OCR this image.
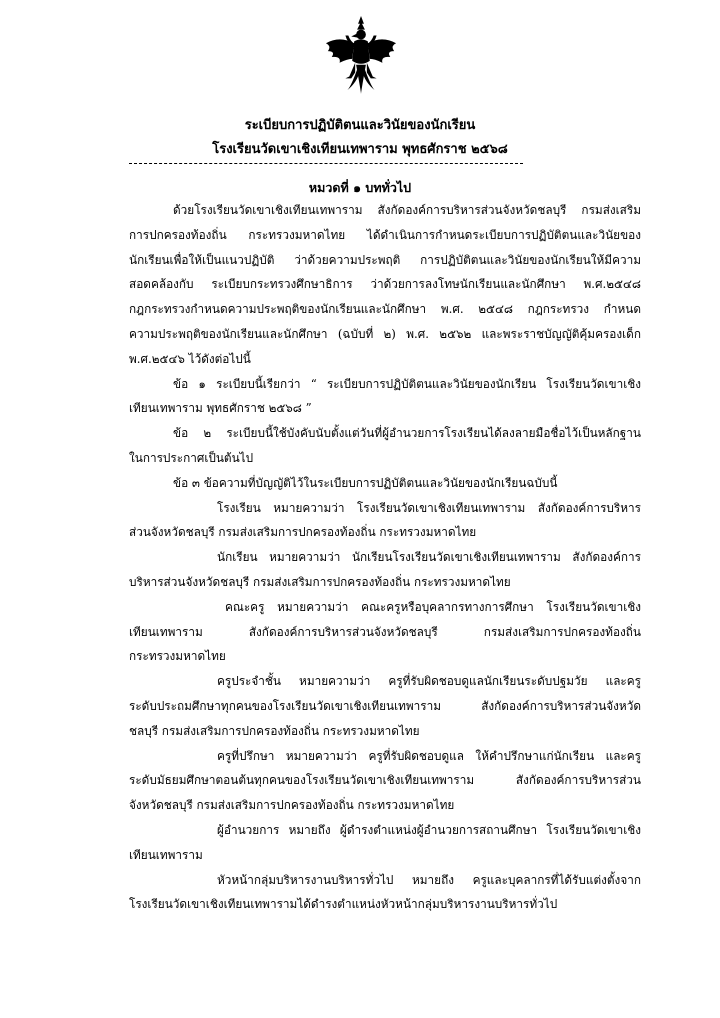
ระเบียบการปฏิบัติตนและวินัยของนักเรียน
โรงเรียนวัดเขาเชิงเทียนเทพาราม พุทธศักราช ๒๕๖๘
หมวดที่ ๑ บททั่วไป
ด้วยโรงเรียนวัดเขาเชิงเทียนเทพาราม สังกัดองค์การบริหารส่วนจังหวัดชลบุรี กรมส่งเสริม
การปกครองท้องถิ่น กระทรวงมหาดไทย ได้ดำเนินการกำหนดระเบียบการปฏิบัติตนและวินัยของ
นักเรียนเพื่อให้เป็นแนวปฏิบัติ ว่าด้วยความประพฤติ การปฏิบัติตนและวินัยของนักเรียนให้มีความ
สอดคล้องกับ ระเบียบกระทรวงศึกษาธิการ ว่าด้วยการลงโทษนักเรียนและนักศึกษา พ.ศ.๒๕๔๘
กฎกระทรวงกำหนดความประพฤติของนักเรียนและนักศึกษา พ.ศ. ๒๕๔๘ กฎกระทรวง กำหนด
ความประพฤติของนักเรียนและนักศึกษา (ฉบับที่ ๒) พ.ศ. ๒๕๖๒ และพระราชบัญญัติคุ้มครองเด็ก
พ.ศ.๒๕๔๖ ไว้ดังต่อไปนี้
ข้อ ๑ ระเบียบนี้เรียกว่า “ ระเบียบการปฏิบัติตนและวินัยของนักเรียน โรงเรียนวัดเขาเชิง
เทียนเทพาราม พุทธศักราช ๒๕๖๘ ”
ข้อ ๒ ระเบียบนี้ใช้บังคับนับตั้งแต่วันที่ผู้อำนวยการโรงเรียนได้ลงลายมือชื่อไว้เป็นหลักฐาน
ในการประกาศเป็นต้นไป
ข้อ ๓ ข้อความที่บัญญัติไว้ในระเบียบการปฏิบัติตนและวินัยของนักเรียนฉบับนี้
โรงเรียน หมายความว่า โรงเรียนวัดเขาเชิงเทียนเทพาราม สังกัดองค์การบริหาร
ส่วนจังหวัดชลบุรี กรมส่งเสริมการปกครองท้องถิ่น กระทรวงมหาดไทย
นักเรียน หมายความว่า นักเรียนโรงเรียนวัดเขาเชิงเทียนเทพาราม สังกัดองค์การ
บริหารส่วนจังหวัดชลบุรี กรมส่งเสริมการปกครองท้องถิ่น กระทรวงมหาดไทย
คณะครู หมายความว่า คณะครูหรือบุคลากรทางการศึกษา โรงเรียนวัดเขาเชิง
เทียนเทพาราม สังกัดองค์การบริหารส่วนจังหวัดชลบุรี กรมส่งเสริมการปกครองท้องถิ่น
กระทรวงมหาดไทย
ครูประจำชั้น หมายความว่า ครูที่รับผิดชอบดูแลนักเรียนระดับปฐมวัย และครู
ระดับประถมศึกษาทุกคนของโรงเรียนวัดเขาเชิงเทียนเทพาราม สังกัดองค์การบริหารส่วนจังหวัด
ชลบุรี กรมส่งเสริมการปกครองท้องถิ่น กระทรวงมหาดไทย
ครูที่ปรึกษา หมายความว่า ครูที่รับผิดชอบดูแล ให้คำปรึกษาแก่นักเรียน และครู
ระดับมัธยมศึกษาตอนต้นทุกคนของโรงเรียนวัดเขาเชิงเทียนเทพาราม สังกัดองค์การบริหารส่วน
จังหวัดชลบุรี กรมส่งเสริมการปกครองท้องถิ่น กระทรวงมหาดไทย
ผู้อำนวยการ หมายถึง ผู้ดำรงตำแหน่งผู้อำนวยการสถานศึกษา โรงเรียนวัดเขาเชิง
เทียนเทพาราม
หัวหน้ากลุ่มบริหารงานบริหารทั่วไป หมายถึง ครูและบุคลากรที่ได้รับแต่งตั้งจาก
โรงเรียนวัดเขาเชิงเทียนเทพารามได้ดำรงตำแหน่งหัวหน้ากลุ่มบริหารงานบริหารทั่วไป
